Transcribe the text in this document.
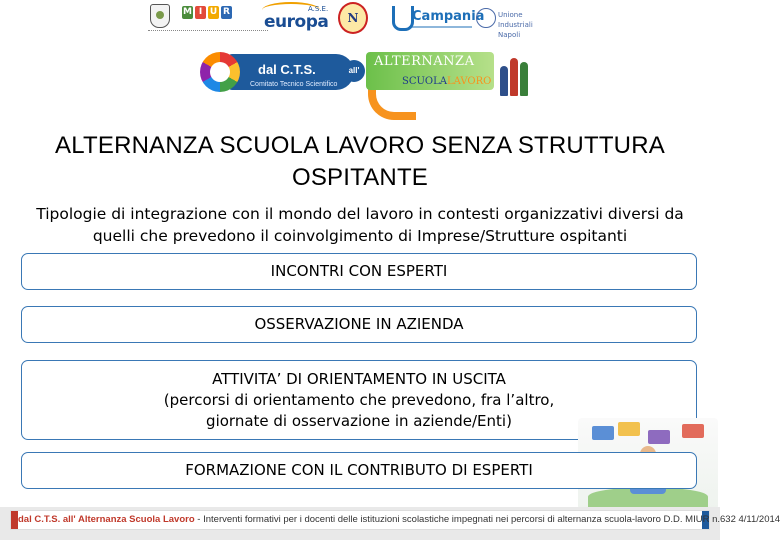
M I U R europa
A.S.E.
N	Campania Unione Industriali Napoli
dal C.T.S.
Comitato Tecnico Scientifico
all'
ALTERNANZA
SCUOLALAVORO
ALTERNANZA SCUOLA LAVORO SENZA STRUTTURA OSPITANTE
Tipologie di integrazione con il mondo del lavoro in contesti organizzativi diversi da quelli che prevedono il coinvolgimento di Imprese/Strutture ospitanti
INCONTRI CON ESPERTI
OSSERVAZIONE IN AZIENDA
ATTIVITA’ DI ORIENTAMENTO IN USCITA
(percorsi di orientamento che prevedono, fra l’altro,
giornate di osservazione in aziende/Enti)
FORMAZIONE CON IL CONTRIBUTO DI ESPERTI
dal C.T.S. all' Alternanza Scuola Lavoro - Interventi formativi per i docenti delle istituzioni scolastiche impegnati nei percorsi di alternanza scuola-lavoro D.D. MIUR n.632 4/11/2014
